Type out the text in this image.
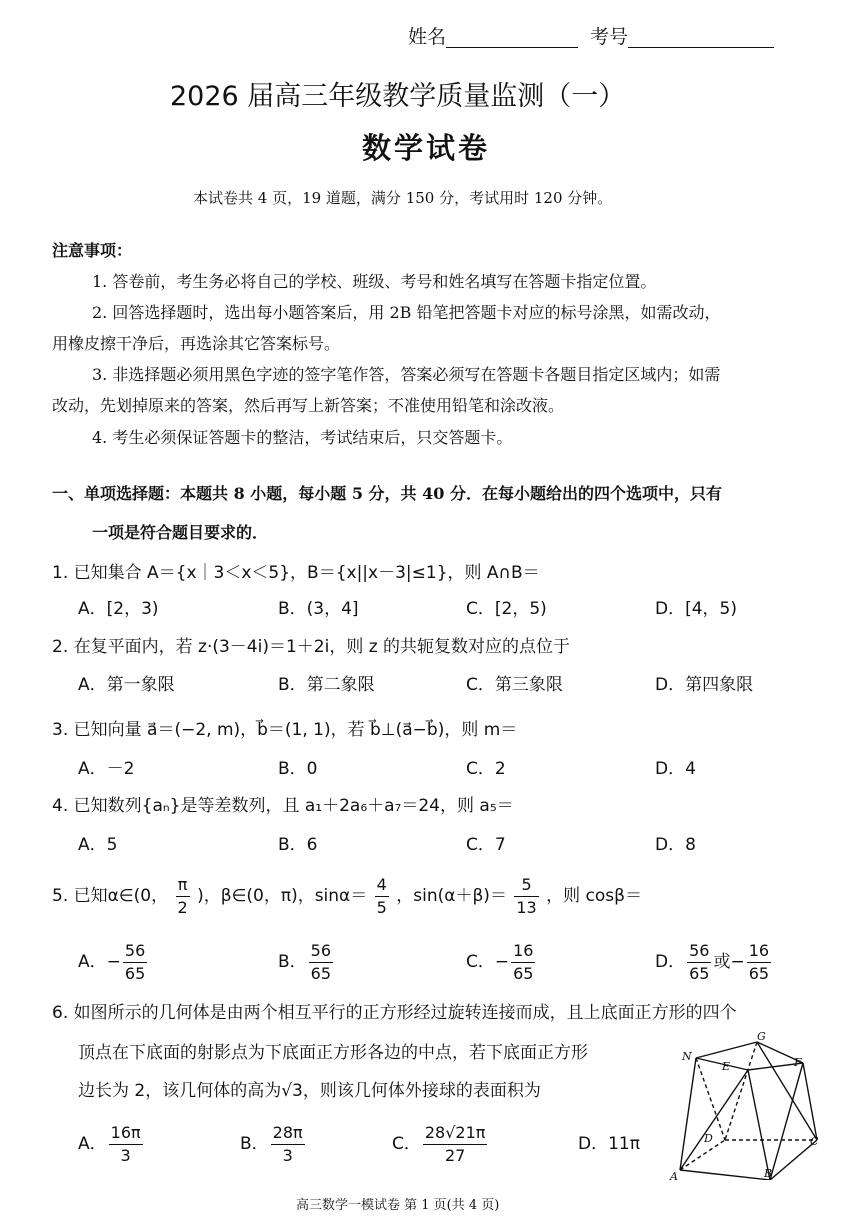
姓名	考号
2026 届高三年级教学质量监测（一）
数学试卷
本试卷共 4 页，19 道题，满分 150 分，考试用时 120 分钟。
注意事项：
1. 答卷前，考生务必将自己的学校、班级、考号和姓名填写在答题卡指定位置。
2. 回答选择题时，选出每小题答案后，用 2B 铅笔把答题卡对应的标号涂黑，如需改动，
用橡皮擦干净后，再选涂其它答案标号。
3. 非选择题必须用黑色字迹的签字笔作答，答案必须写在答题卡各题目指定区域内；如需
改动，先划掉原来的答案，然后再写上新答案；不准使用铅笔和涂改液。
4. 考生必须保证答题卡的整洁，考试结束后，只交答题卡。
一、单项选择题：本题共 8 小题，每小题 5 分，共 40 分．在每小题给出的四个选项中，只有
一项是符合题目要求的．
1. 已知集合 A＝{x｜3＜x＜5}，B＝{x||x－3|≤1}，则 A∩B＝
A．[2，3)	B．(3，4]	C．[2，5)	D．[4，5)
2. 在复平面内，若 z·(3－4i)＝1＋2i，则 z 的共轭复数对应的点位于
A．第一象限	B．第二象限	C．第三象限	D．第四象限
3. 已知向量 a⃗＝(−2, m)，b⃗＝(1, 1)，若 b⃗⊥(a⃗−b⃗)，则 m＝
A．－2	B．0	C．2	D．4
4. 已知数列{aₙ}是等差数列，且 a₁＋2a₆＋a₇＝24，则 a₅＝
A．5	B．6	C．7	D．8
5. 已知α∈(0， $\frac{\pi}{2}$ )，β∈(0，π)，$\sin\alpha= \frac{4}{5}$ ，$\sin(\alpha+\beta)= \frac{5}{13}$ ，则 cosβ＝
A．− $\frac{56}{65}$	B． $\frac{56}{65}$	C．− $\frac{16}{65}$	D． $\frac{56}{65}$ 或− $\frac{16}{65}$
6. 如图所示的几何体是由两个相互平行的正方形经过旋转连接而成，且上底面正方形的四个
顶点在下底面的射影点为下底面正方形各边的中点，若下底面正方形
边长为 2，该几何体的高为√3，则该几何体外接球的表面积为
A． $\frac{16\pi}{3}$	B． $\frac{28\pi}{3}$	C． $\frac{28√21\pi}{27}$	D．11π
N
G
E	F
D	C
A	B
高三数学一模试卷 第 1 页(共 4 页)
